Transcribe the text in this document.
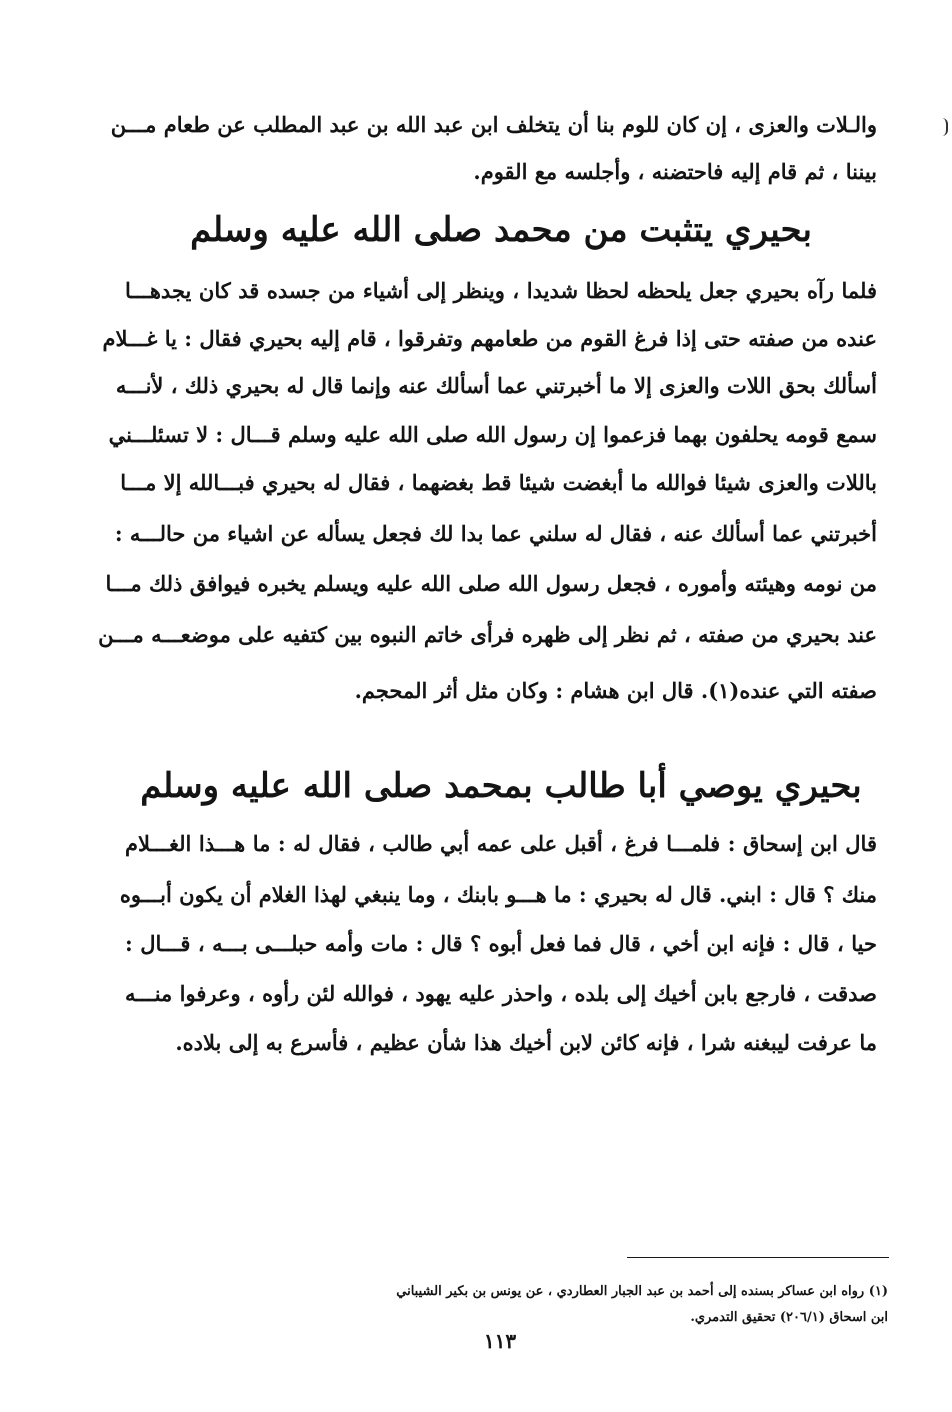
والـلات والعزى ، إن كان للوم بنا أن يتخلف ابن عبد الله بن عبد المطلب عن طعام مـــن
بيننا ، ثم قام إليه فاحتضنه ، وأجلسه مع القوم.
بحيري يتثبت من محمد صلى الله عليه وسلم
فلما رآه بحيري جعل يلحظه لحظا شديدا ، وينظر إلى أشياء من جسده قد كان يجدهـــا
عنده من صفته حتى إذا فرغ القوم من طعامهم وتفرقوا ، قام إليه بحيري فقال : يا غـــلام
أسألك بحق اللات والعزى إلا ما أخبرتني عما أسألك عنه وإنما قال له بحيري ذلك ، لأنـــه
سمع قومه يحلفون بهما فزعموا إن رسول الله صلى الله عليه وسلم قـــال : لا تسئلـــني
باللات والعزى شيئا فوالله ما أبغضت شيئا قط بغضهما ، فقال له بحيري فبـــالله إلا مـــا
أخبرتني عما أسألك عنه ، فقال له سلني عما بدا لك فجعل يسأله عن اشياء من حالـــه :
من نومه وهيئته وأموره ، فجعل رسول الله صلى الله عليه ويسلم يخبره فيوافق ذلك مـــا
عند بحيري من صفته ، ثم نظر إلى ظهره فرأى خاتم النبوه بين كتفيه على موضعـــه مـــن
صفته التي عنده(١). قال ابن هشام : وكان مثل أثر المحجم.
بحيري يوصي أبا طالب بمحمد صلى الله عليه وسلم
قال ابن إسحاق : فلمـــا فرغ ، أقبل على عمه أبي طالب ، فقال له : ما هـــذا الغـــلام
منك ؟ قال : ابني. قال له بحيري : ما هـــو بابنك ، وما ينبغي لهذا الغلام أن يكون أبـــوه
حيا ، قال : فإنه ابن أخي ، قال فما فعل أبوه ؟ قال : مات وأمه حبلـــى بـــه ، قـــال :
صدقت ، فارجع بابن أخيك إلى بلده ، واحذر عليه يهود ، فوالله لئن رأوه ، وعرفوا منـــه
ما عرفت ليبغنه شرا ، فإنه كائن لابن أخيك هذا شأن عظيم ، فأسرع به إلى بلاده.
(١) رواه ابن عساكر بسنده إلى أحمد بن عبد الجبار العطاردي ، عن يونس بن بكير الشيباني
ابن اسحاق (٢٠٦/١) تحقيق التدمري.
١١٣
